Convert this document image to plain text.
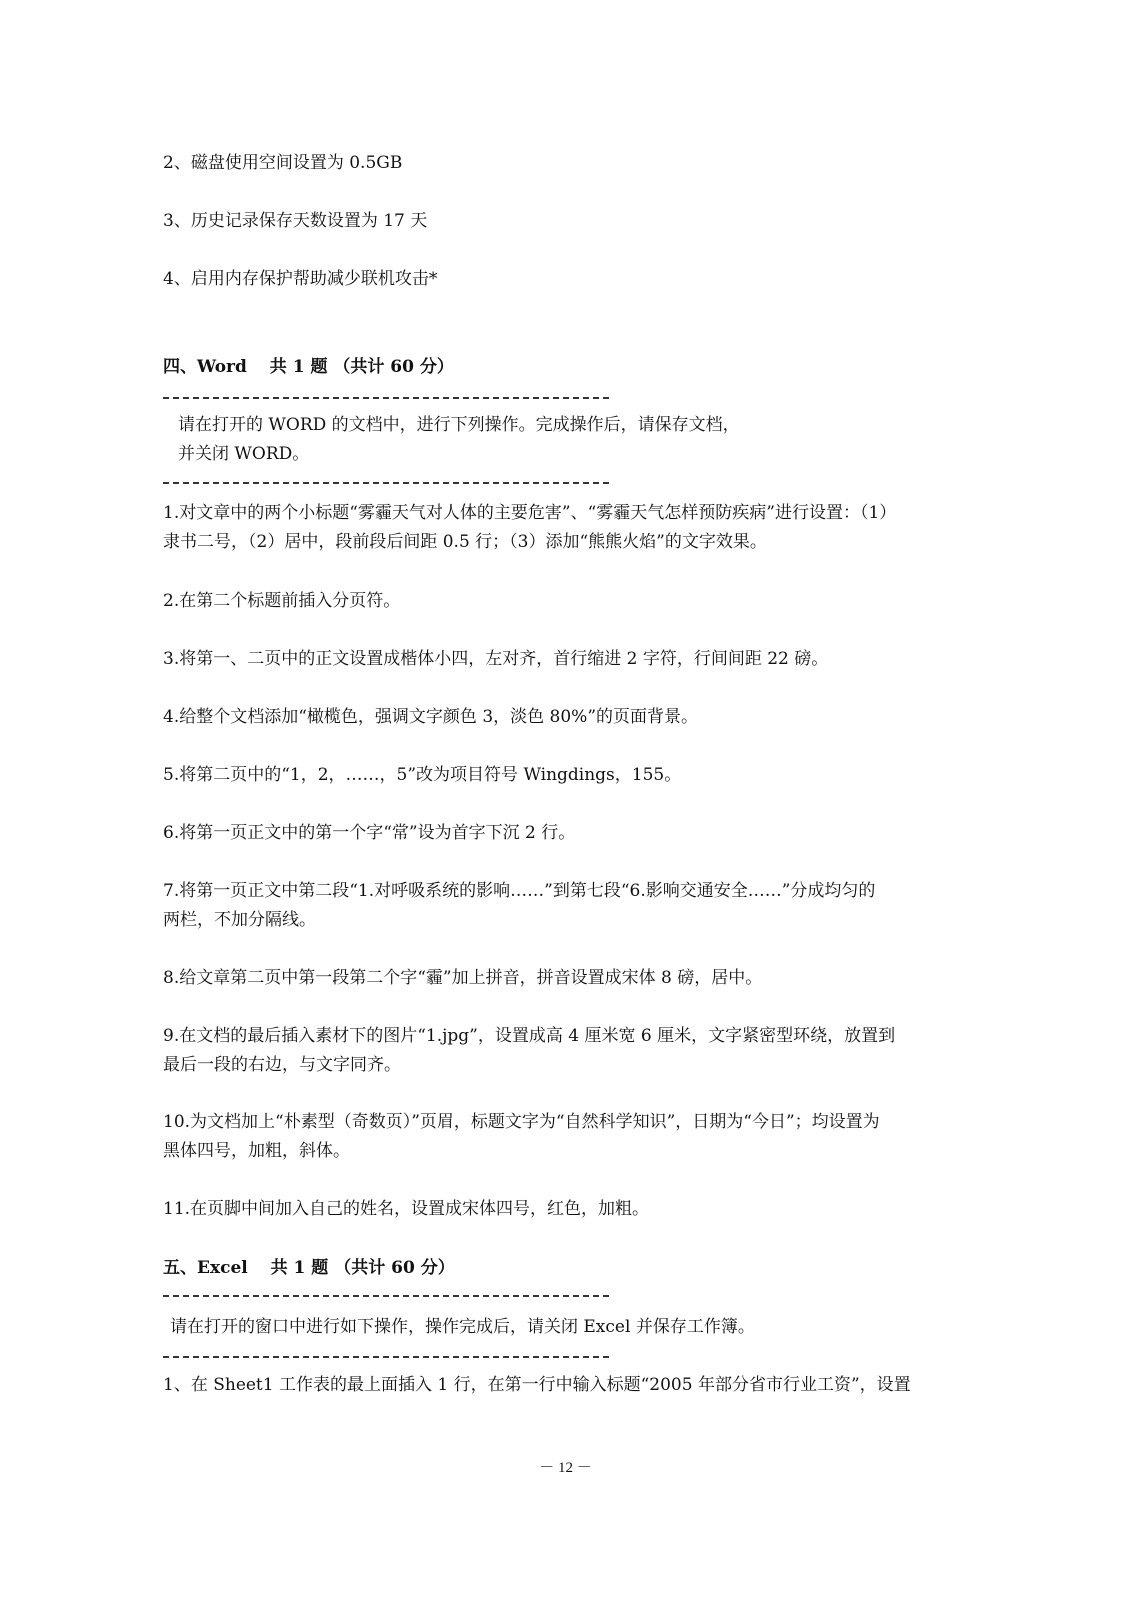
2、磁盘使用空间设置为 0.5GB
3、历史记录保存天数设置为 17 天
4、启用内存保护帮助减少联机攻击*
四、Word　 共 1 题 （共计 60 分）
请在打开的 WORD 的文档中，进行下列操作。完成操作后，请保存文档，
并关闭 WORD。
1.对文章中的两个小标题“雾霾天气对人体的主要危害”、“雾霾天气怎样预防疾病”进行设置：（1）
隶书二号，（2）居中，段前段后间距 0.5 行；（3）添加“熊熊火焰”的文字效果。
2.在第二个标题前插入分页符。
3.将第一、二页中的正文设置成楷体小四，左对齐，首行缩进 2 字符，行间间距 22 磅。
4.给整个文档添加“橄榄色，强调文字颜色 3，淡色 80%”的页面背景。
5.将第二页中的“1，2，……，5”改为项目符号 Wingdings，155。
6.将第一页正文中的第一个字“常”设为首字下沉 2 行。
7.将第一页正文中第二段“1.对呼吸系统的影响……”到第七段“6.影响交通安全……”分成均匀的
两栏，不加分隔线。
8.给文章第二页中第一段第二个字“霾”加上拼音，拼音设置成宋体 8 磅，居中。
9.在文档的最后插入素材下的图片“1.jpg”，设置成高 4 厘米宽 6 厘米，文字紧密型环绕，放置到
最后一段的右边，与文字同齐。
10.为文档加上“朴素型（奇数页）”页眉，标题文字为“自然科学知识”，日期为“今日”；均设置为
黑体四号，加粗，斜体。
11.在页脚中间加入自己的姓名，设置成宋体四号，红色，加粗。
五、Excel　 共 1 题 （共计 60 分）
请在打开的窗口中进行如下操作，操作完成后，请关闭 Excel 并保存工作簿。
1、在 Sheet1 工作表的最上面插入 1 行，在第一行中输入标题“2005 年部分省市行业工资”，设置
－ 12 －
